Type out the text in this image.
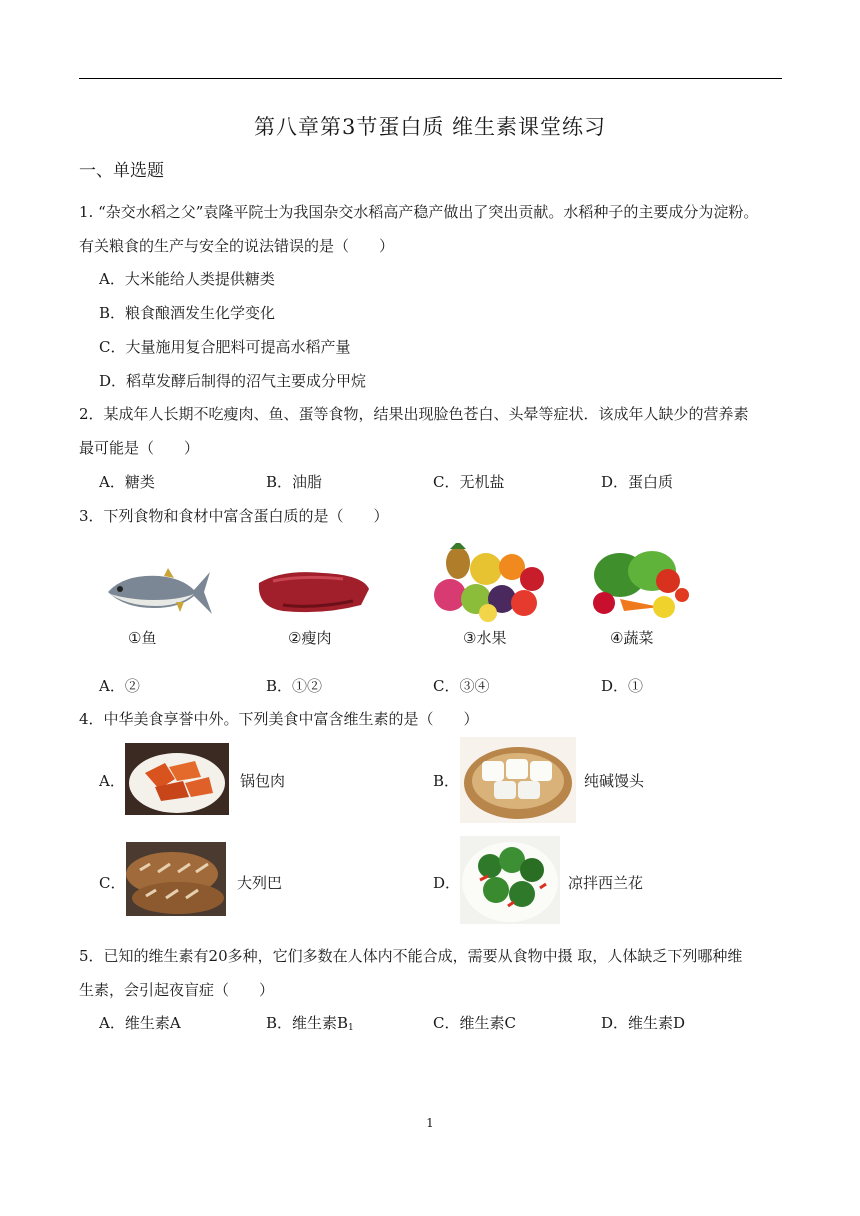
第八章第3节蛋白质 维生素课堂练习
一、单选题
1. “杂交水稻之父”袁隆平院士为我国杂交水稻高产稳产做出了突出贡献。水稻种子的主要成分为淀粉。
有关粮食的生产与安全的说法错误的是（　　）
A．大米能给人类提供糖类
B．粮食酿酒发生化学变化
C．大量施用复合肥料可提高水稻产量
D．稻草发酵后制得的沼气主要成分甲烷
2．某成年人长期不吃瘦肉、鱼、蛋等食物，结果出现脸色苍白、头晕等症状．该成年人缺少的营养素
最可能是（　　）
A．糖类	B．油脂	C．无机盐	D．蛋白质
3．下列食物和食材中富含蛋白质的是（　　）
①鱼	②瘦肉	③水果	④蔬菜
A．②	B．①②	C．③④	D．①
4．中华美食享誉中外。下列美食中富含维生素的是（　　）
A．	锅包肉	B．	纯碱馒头
C．	大列巴	D．	凉拌西兰花
5．已知的维生素有20多种，它们多数在人体内不能合成，需要从食物中摄 取，人体缺乏下列哪种维
生素，会引起夜盲症（　　）
A．维生素A	B．维生素$B_1$	C．维生素C	D．维生素D
1
